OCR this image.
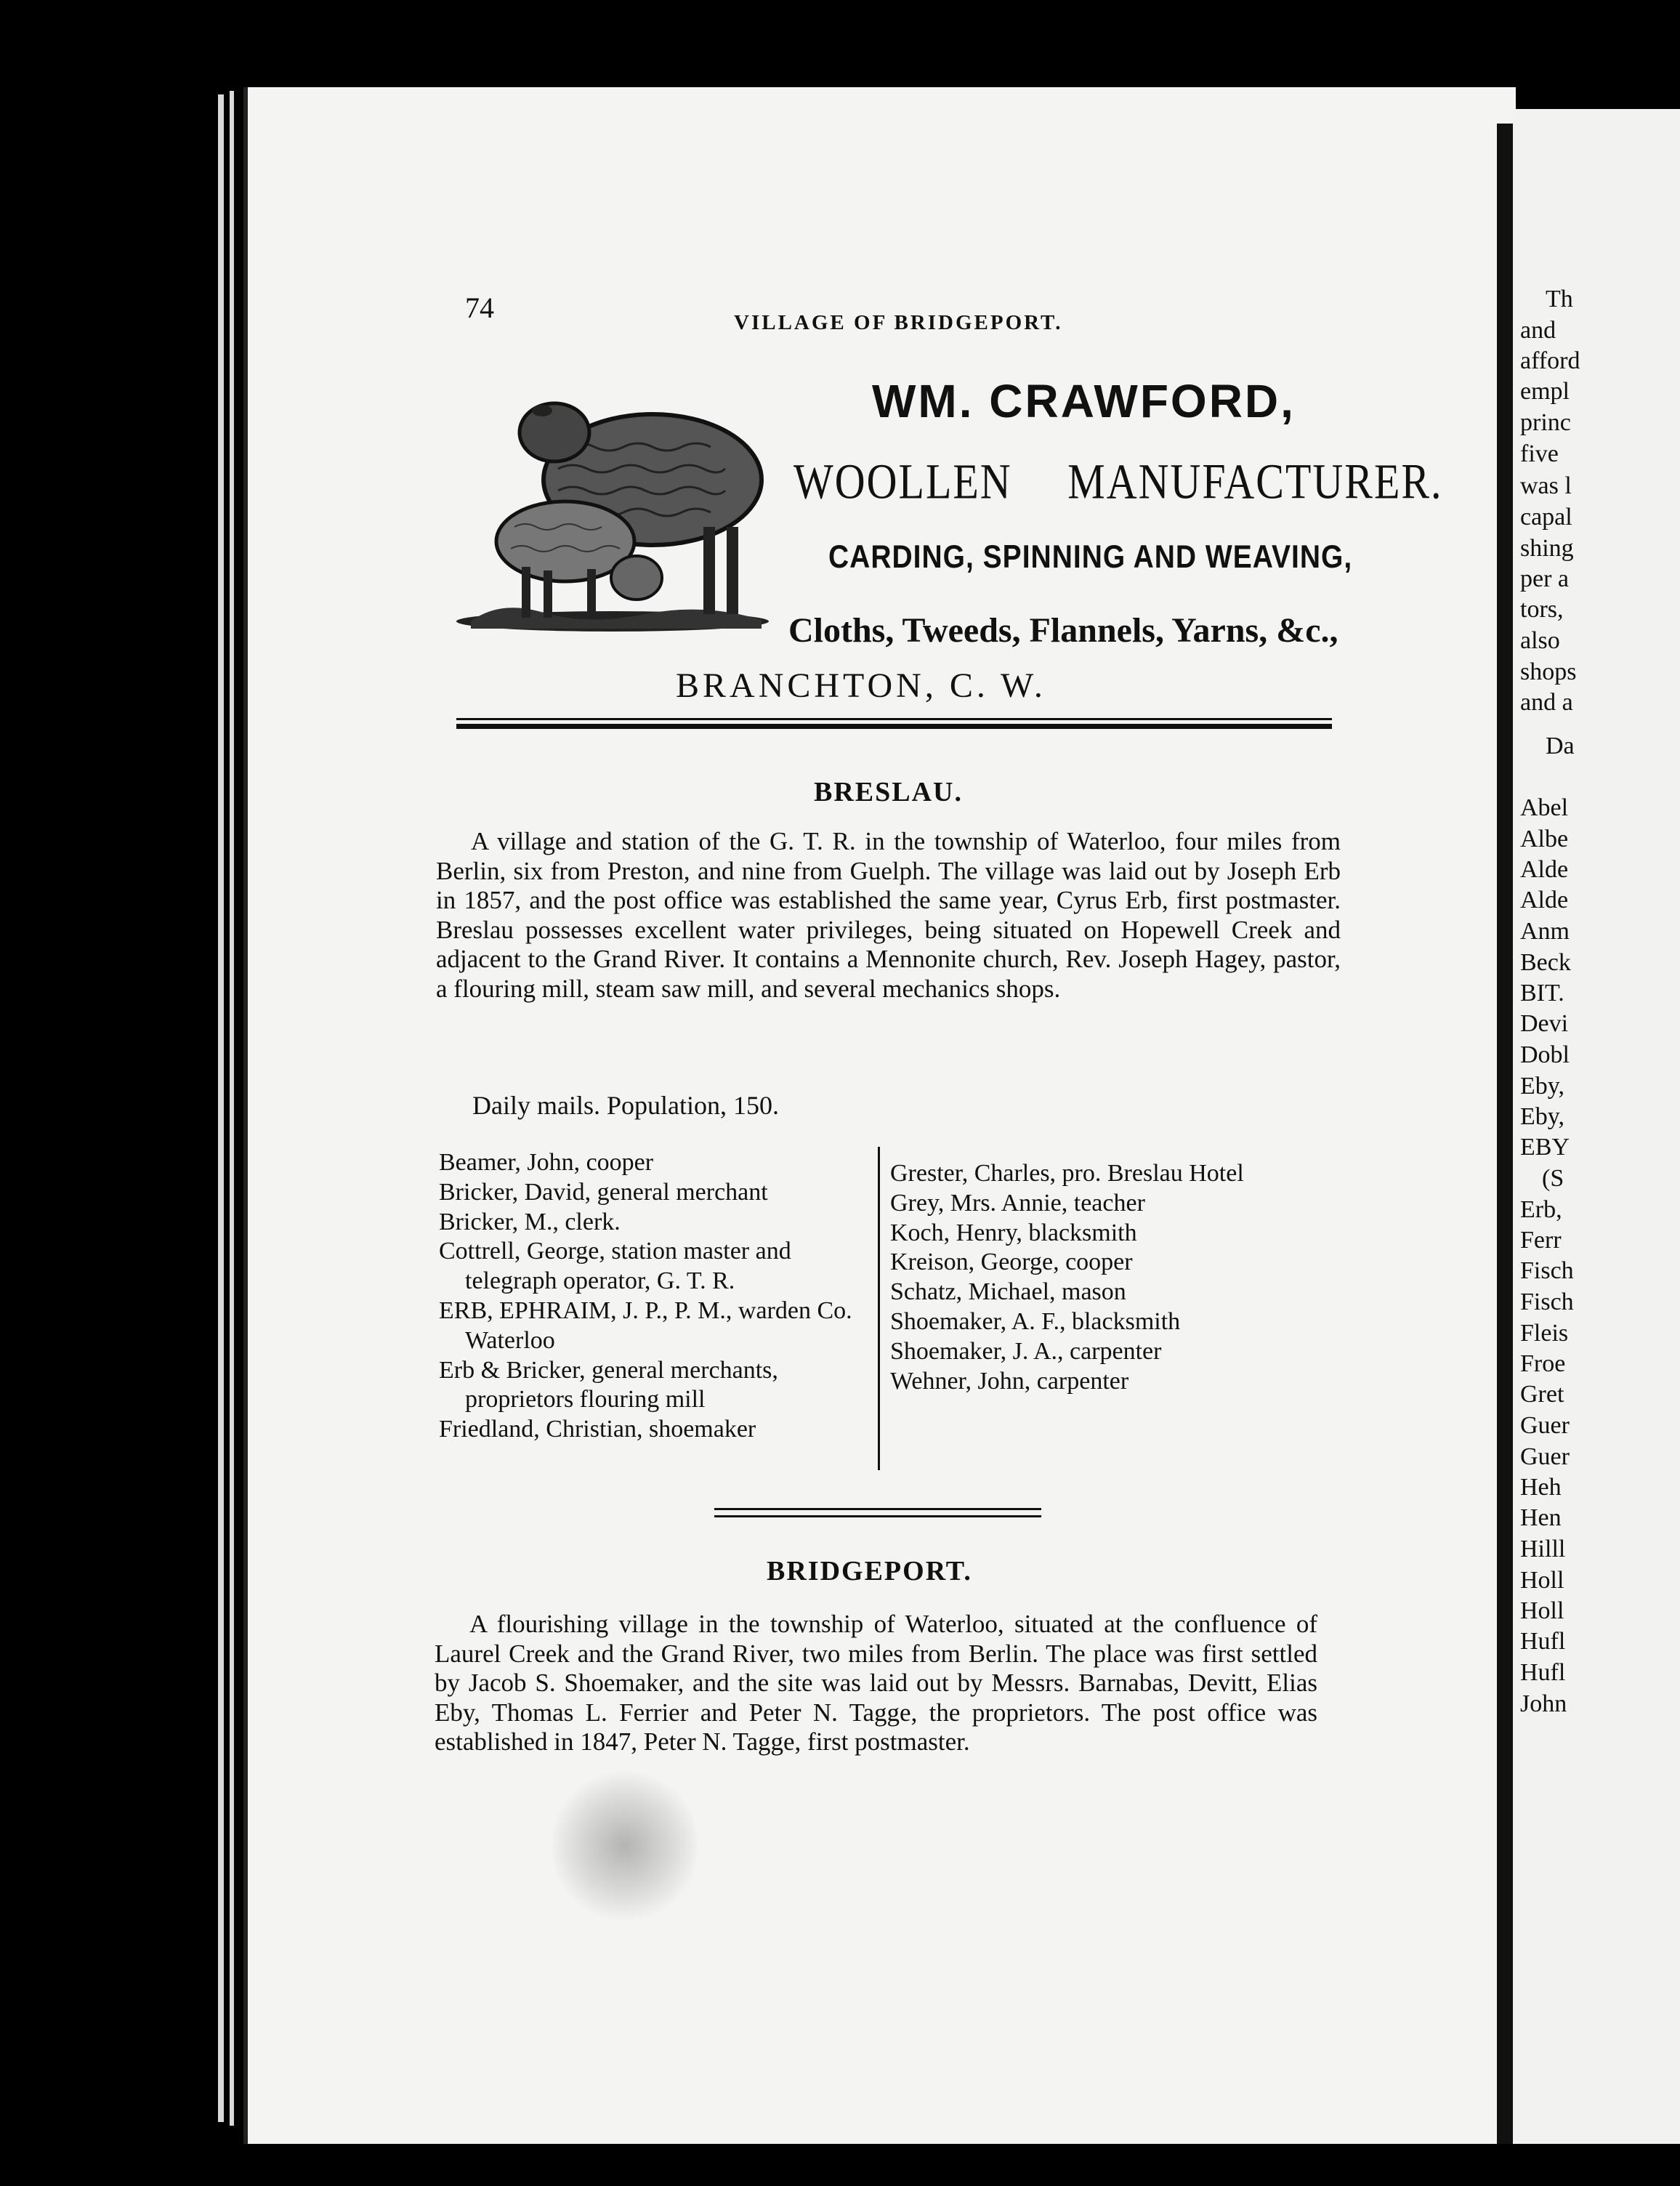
Th
and
afford
empl
princ
five
was l
capal
shing
per a
tors,
also
shops
and a
Da
Abel
Albe
Alde
Alde
Anm
Beck
BIT.
Devi
Dobl
Eby,
Eby,
EBY
(S
Erb,
Ferr
Fisch
Fisch
Fleis
Froe
Gret
Guer
Guer
Heh
Hen
Hilll
Holl
Holl
Hufl
Hufl
John
74	VILLAGE OF BRIDGEPORT.
WM. CRAWFORD,
WOOLLEN MANUFACTURER.
CARDING, SPINNING AND WEAVING,
Cloths, Tweeds, Flannels, Yarns, &c.,
BRANCHTON, C. W.
BRESLAU.
A village and station of the G. T. R. in the township of Waterloo, four miles from Berlin, six from Preston, and nine from Guelph. The village was laid out by Joseph Erb in 1857, and the post office was established the same year, Cyrus Erb, first postmaster. Breslau possesses excellent water privileges, being situated on Hopewell Creek and adjacent to the Grand River. It contains a Mennonite church, Rev. Joseph Hagey, pastor, a flouring mill, steam saw mill, and several mechanics shops.
Daily mails. Population, 150.

Beamer, John, cooper

Bricker, David, general merchant

Bricker, M., clerk.

Cottrell, George, station master and telegraph operator, G. T. R.

ERB, EPHRAIM, J. P., P. M., warden Co. Waterloo

Erb & Bricker, general merchants, proprietors flouring mill

Friedland, Christian, shoemaker

Grester, Charles, pro. Breslau Hotel

Grey, Mrs. Annie, teacher

Koch, Henry, blacksmith

Kreison, George, cooper

Schatz, Michael, mason

Shoemaker, A. F., blacksmith

Shoemaker, J. A., carpenter

Wehner, John, carpenter

BRIDGEPORT.
A flourishing village in the township of Waterloo, situated at the confluence of Laurel Creek and the Grand River, two miles from Berlin. The place was first settled by Jacob S. Shoemaker, and the site was laid out by Messrs. Barnabas, Devitt, Elias Eby, Thomas L. Ferrier and Peter N. Tagge, the proprietors. The post office was established in 1847, Peter N. Tagge, first postmaster.
